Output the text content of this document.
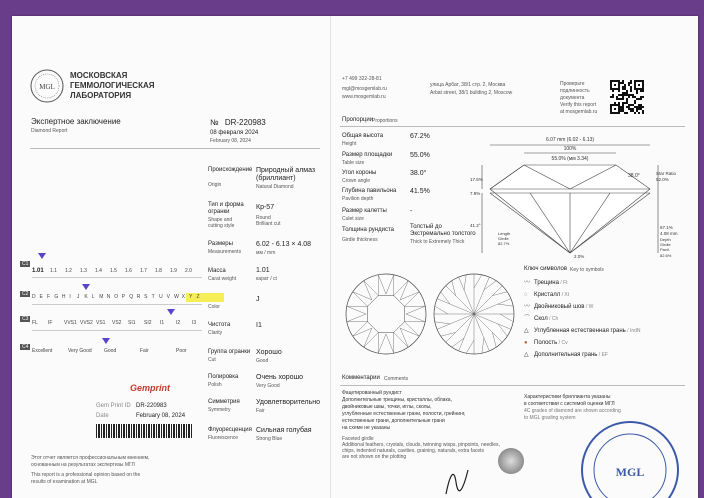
MGL
МОСКОВСКАЯ
ГЕММОЛОГИЧЕСКАЯ
ЛАБОРАТОРИЯ
Экспертное заключение
Diamond Report
№ DR-220983
08 февраля 2024
February 08, 2024
Происхождение
Origin
Природный алмаз
(бриллиант)
Natural Diamond
Тип и форма
огранки
Shape and
cutting style
Кр-57
Round
Brilliant cut
Размеры
Measurements
6.02 - 6.13 × 4.08
мм / mm
Масса
Carat weight
1.01
карат / ct
Color
J
Чистота
Clarity
I1
Группа огранки
Cut
Хорошо
Good
Полировка
Polish
Очень хорошо
Very Good
Симметрия
Symmetry
Удовлетворительно
Fair
Флуоресценция
Fluorescence
Сильная голубая
Strong Blue
C1
1.01 1.1 1.2 1.3 1.4 1.5 1.6 1.7 1.8 1.9 2.0
C2 D E F G H I J K L M N O P Q R S T U V W X Y Z
C3
FL IF VVS1 VVS2 VS1 VS2 SI1 SI2 I1 I2 I3
C4
Excellent	Very Good Good	Fair	Poor
Gemprint
Gem Print ID DR-220983
Date	February 08, 2024
Этот отчет является профессиональным мнением,
основанным на результатах экспертизы МГЛ
This report is a professional opinion based on the
results of examination at MGL
+7 499 322-28-81
mgl@mosgemlab.ru
www.mosgemlab.ru
улица Арбат, 38/1 стр. 2, Москва
Arbat street, 38/1 building 2, Moscow
Проверьте
подлинность
документа
Verify this report
at mosgemlab.ru
Пропорции
Proportions
Общая высота
Height
67.2%
Размер площадки
Table size
55.0%
Угол короны
Crown angle
38.0°
Глубина павильона
Pavilion depth
41.5%
Размер калетты
Culet size
-
Толщина рундиста
Girdle thickness
Толстый до
Экстремально толстого
Thick to Extremely Thick
6.07 mm (6.02 - 6.13)
100%
55.0% (мм 3.34)
Star Ratio
52.0%
38.0°
17.5%
7.9%
41.2°	67.1%
4.08 mm
Length
Girdle
82.7%
Depth
Girdle
Pavil.
82.6%
2.0%
Ключ символов Key to symbols
〰 Трещина / Ft
◌ Кристалл / Xt
〰 Двойниковый шов / W
⌒ Скол / Ch
△ Углубленная естественная грань / IndN
● Полость / Cv
△ Дополнительная грань / EF
Комментарии Comments
Фацетированный рундист
Дополнительные трещины, кристаллы, облака,
двойниковые швы, точки, иглы, сколы,
углубленные естественные грани, полости, грейнинг,
естественные грани, дополнительные грани
на схеме не указаны
Faceted girdle
Additional feathers, crystals, clouds, twinning wisps, pinpoints, needles,
chips, indented naturals, cavities, graining, naturals, extra facets
are not shown on the plotting
Характеристики бриллианта указаны
в соответствии с системой оценки МГЛ
4C grades of diamond are shown according
to MGL grading system
MGL
